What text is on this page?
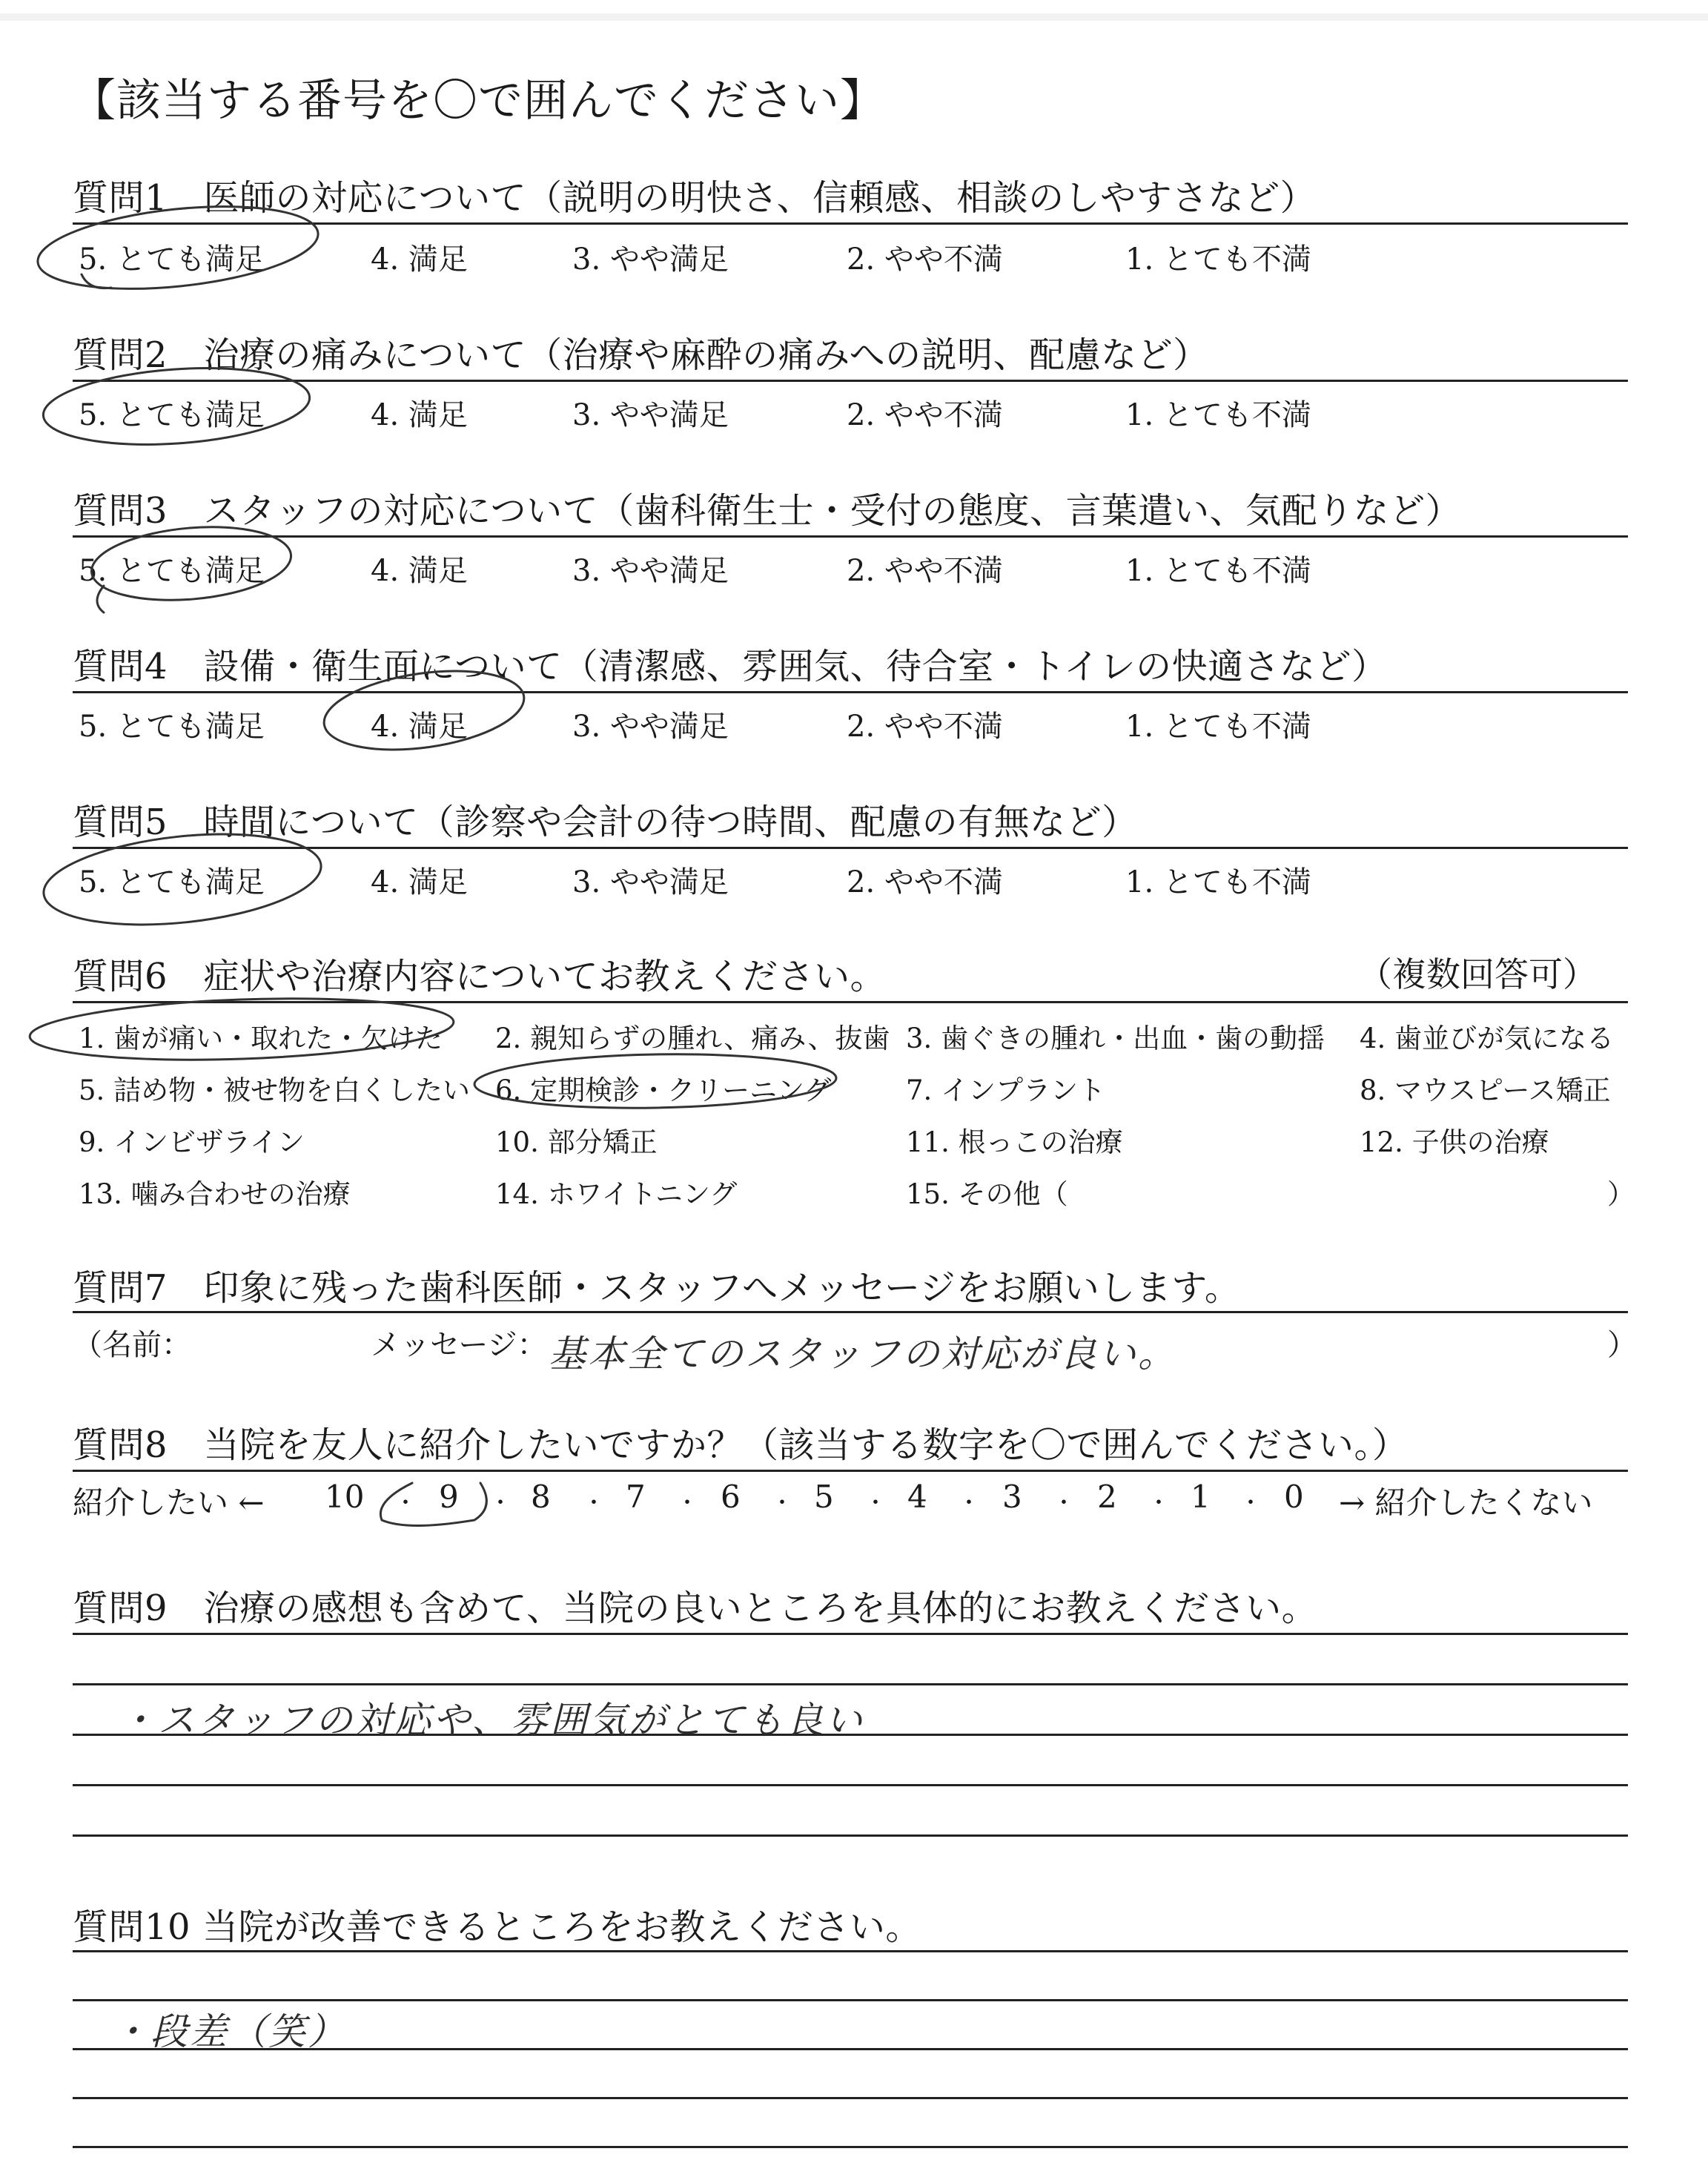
【該当する番号を〇で囲んでください】
質問1　医師の対応について（説明の明快さ、信頼感、相談のしやすさなど）
5. とても満足	4. 満足	3. やや満足	2. やや不満	1. とても不満
質問2　治療の痛みについて（治療や麻酔の痛みへの説明、配慮など）
5. とても満足	4. 満足	3. やや満足	2. やや不満	1. とても不満
質問3　スタッフの対応について（歯科衛生士・受付の態度、言葉遣い、気配りなど）
5. とても満足	4. 満足	3. やや満足	2. やや不満	1. とても不満
質問4　設備・衛生面について（清潔感、雰囲気、待合室・トイレの快適さなど）
5. とても満足	4. 満足	3. やや満足	2. やや不満	1. とても不満
質問5　時間について（診察や会計の待つ時間、配慮の有無など）
5. とても満足	4. 満足	3. やや満足	2. やや不満	1. とても不満
質問6　症状や治療内容についてお教えください。	（複数回答可）
1. 歯が痛い・取れた・欠けた 2. 親知らずの腫れ、痛み、抜歯 3. 歯ぐきの腫れ・出血・歯の動揺 4. 歯並びが気になる
5. 詰め物・被せ物を白くしたい 6. 定期検診・クリーニング	7. インプラント	8. マウスピース矯正
9. インビザライン	10. 部分矯正	11. 根っこの治療	12. 子供の治療
13. 噛み合わせの治療	14. ホワイトニング	15. その他（	）
質問7　印象に残った歯科医師・スタッフへメッセージをお願いします。
（名前：	メッセージ： 基本全てのスタッフの対応が良い。	）
質問8　当院を友人に紹介したいですか？（該当する数字を〇で囲んでください。）
紹介したい ← 10 ・ 9 ・ 8 ・ 7 ・ 6 ・ 5 ・ 4 ・ 3 ・ 2 ・ 1 ・ 0 → 紹介したくない
質問9　治療の感想も含めて、当院の良いところを具体的にお教えください。
・スタッフの対応や、雰囲気がとても良い
質問10 当院が改善できるところをお教えください。
・段差（笑）
